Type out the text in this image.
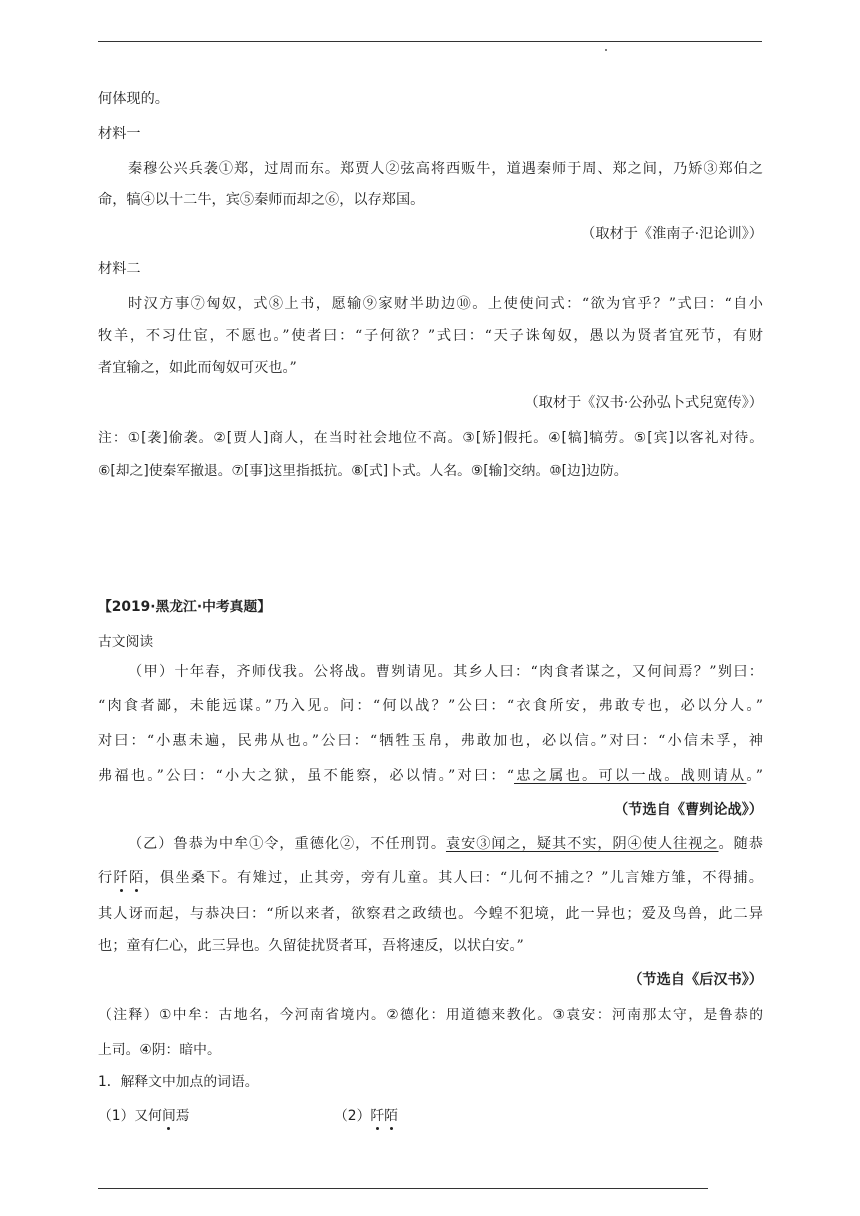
何体现的。
材料一
秦穆公兴兵袭①郑，过周而东。郑贾人②弦高将西贩牛，道遇秦师于周、郑之间，乃矫③郑伯之
命，犒④以十二牛，宾⑤秦师而却之⑥，以存郑国。
（取材于《淮南子·氾论训》）
材料二
时汉方事⑦匈奴，式⑧上书，愿输⑨家财半助边⑩。上使使问式：“欲为官乎？”式曰：“自小
牧羊，不习仕宦，不愿也。”使者曰：“子何欲？”式曰：“天子诛匈奴，愚以为贤者宜死节，有财
者宜输之，如此而匈奴可灭也。”
（取材于《汉书·公孙弘卜式兒宽传》）
注：①[袭]偷袭。②[贾人]商人，在当时社会地位不高。③[矫]假托。④[犒]犒劳。⑤[宾]以客礼对待。
⑥[却之]使秦军撤退。⑦[事]这里指抵抗。⑧[式]卜式。人名。⑨[输]交纳。⑩[边]边防。
【2019·黑龙江·中考真题】
古文阅读
（甲）十年春，齐师伐我。公将战。曹刿请见。其乡人曰：“肉食者谋之，又何间焉？”刿曰：
“肉食者鄙，未能远谋。”乃入见。问：“何以战？”公曰：“衣食所安，弗敢专也，必以分人。”
对曰：“小惠未遍，民弗从也。”公曰：“牺牲玉帛，弗敢加也，必以信。”对曰：“小信未孚，神
弗福也。”公曰：“小大之狱，虽不能察，必以情。”对曰：“忠之属也。可以一战。战则请从。”
（节选自《曹刿论战》）
（乙）鲁恭为中牟①令，重德化②，不任刑罚。袁安③闻之，疑其不实，阴④使人往视之。随恭
行阡陌，俱坐桑下。有雉过，止其旁，旁有儿童。其人曰：“儿何不捕之？”儿言雉方雏，不得捕。
其人讶而起，与恭决曰：“所以来者，欲察君之政绩也。今蝗不犯境，此一异也；爱及鸟兽，此二异
也；童有仁心，此三异也。久留徒扰贤者耳，吾将速反，以状白安。”
（节选自《后汉书》）
（注释）①中牟：古地名，今河南省境内。②德化：用道德来教化。③袁安：河南那太守，是鲁恭的
上司。④阴：暗中。
1．解释文中加点的词语。
（1）又何间焉	（2）阡陌
